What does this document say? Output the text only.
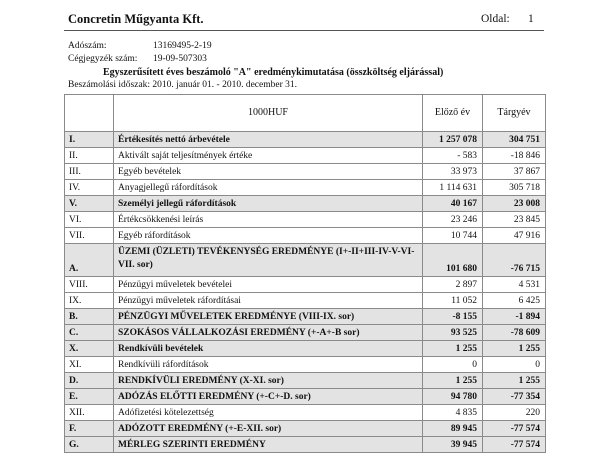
Concretin Műgyanta Kft.	Oldal: 1
Adószám:	13169495-2-19
Cégjegyzék szám: 19-09-507303
Egyszerűsített éves beszámoló "A" eredménykimutatása (összköltség eljárással)
Beszámolási időszak: 2010. január 01. - 2010. december 31.
	1000HUF	Előző év	Tárgyév
I.	Értékesítés nettó árbevétele	1 257 078	304 751
II.	Aktivált saját teljesítmények értéke	- 583	-18 846
III.	Egyéb bevételek	33 973	37 867
IV.	Anyagjellegű ráfordítások	1 114 631	305 718
V.	Személyi jellegű ráfordítások	40 167	23 008
VI.	Értékcsökkenési leírás	23 246	23 845
VII.	Egyéb ráfordítások	10 744	47 916
A.	ÜZEMI (ÜZLETI) TEVÉKENYSÉG EREDMÉNYE (I+-II+III-IV-V-VI-VII. sor)	101 680	-76 715
VIII.	Pénzügyi műveletek bevételei	2 897	4 531
IX.	Pénzügyi műveletek ráfordításai	11 052	6 425
B.	PÉNZÜGYI MŰVELETEK EREDMÉNYE (VIII-IX. sor)	-8 155	-1 894
C.	SZOKÁSOS VÁLLALKOZÁSI EREDMÉNY (+-A+-B sor)	93 525	-78 609
X.	Rendkívüli bevételek	1 255	1 255
XI.	Rendkívüli ráfordítások	0	0
D.	RENDKÍVÜLI EREDMÉNY (X-XI. sor)	1 255	1 255
E.	ADÓZÁS ELŐTTI EREDMÉNY (+-C+-D. sor)	94 780	-77 354
XII.	Adófizetési kötelezettség	4 835	220
F.	ADÓZOTT EREDMÉNY (+-E-XII. sor)	89 945	-77 574
G.	MÉRLEG SZERINTI EREDMÉNY	39 945	-77 574
